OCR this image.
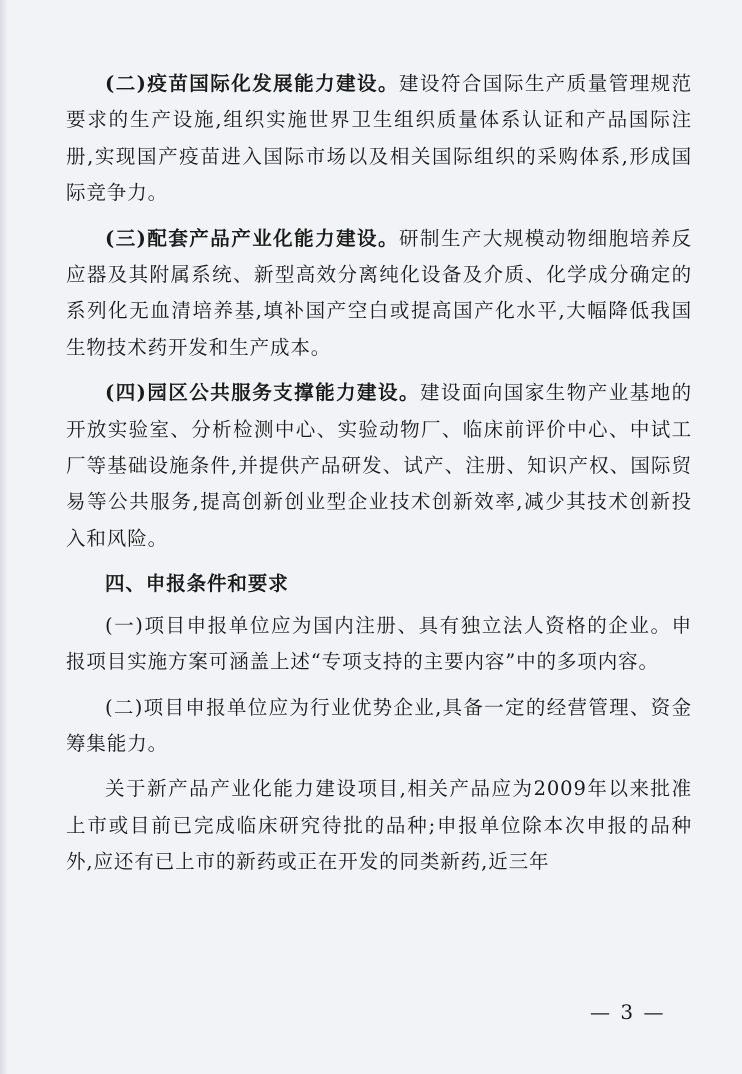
(二)疫苗国际化发展能力建设。建设符合国际生产质量管理规范要求的生产设施,组织实施世界卫生组织质量体系认证和产品国际注册,实现国产疫苗进入国际市场以及相关国际组织的采购体系,形成国际竞争力。

(三)配套产品产业化能力建设。研制生产大规模动物细胞培养反应器及其附属系统、新型高效分离纯化设备及介质、化学成分确定的系列化无血清培养基,填补国产空白或提高国产化水平,大幅降低我国生物技术药开发和生产成本。

(四)园区公共服务支撑能力建设。建设面向国家生物产业基地的开放实验室、分析检测中心、实验动物厂、临床前评价中心、中试工厂等基础设施条件,并提供产品研发、试产、注册、知识产权、国际贸易等公共服务,提高创新创业型企业技术创新效率,减少其技术创新投入和风险。

四、申报条件和要求

(一)项目申报单位应为国内注册、具有独立法人资格的企业。申报项目实施方案可涵盖上述“专项支持的主要内容”中的多项内容。

(二)项目申报单位应为行业优势企业,具备一定的经营管理、资金筹集能力。

关于新产品产业化能力建设项目,相关产品应为2009年以来批准上市或目前已完成临床研究待批的品种;申报单位除本次申报的品种外,应还有已上市的新药或正在开发的同类新药,近三年

— 3 —
